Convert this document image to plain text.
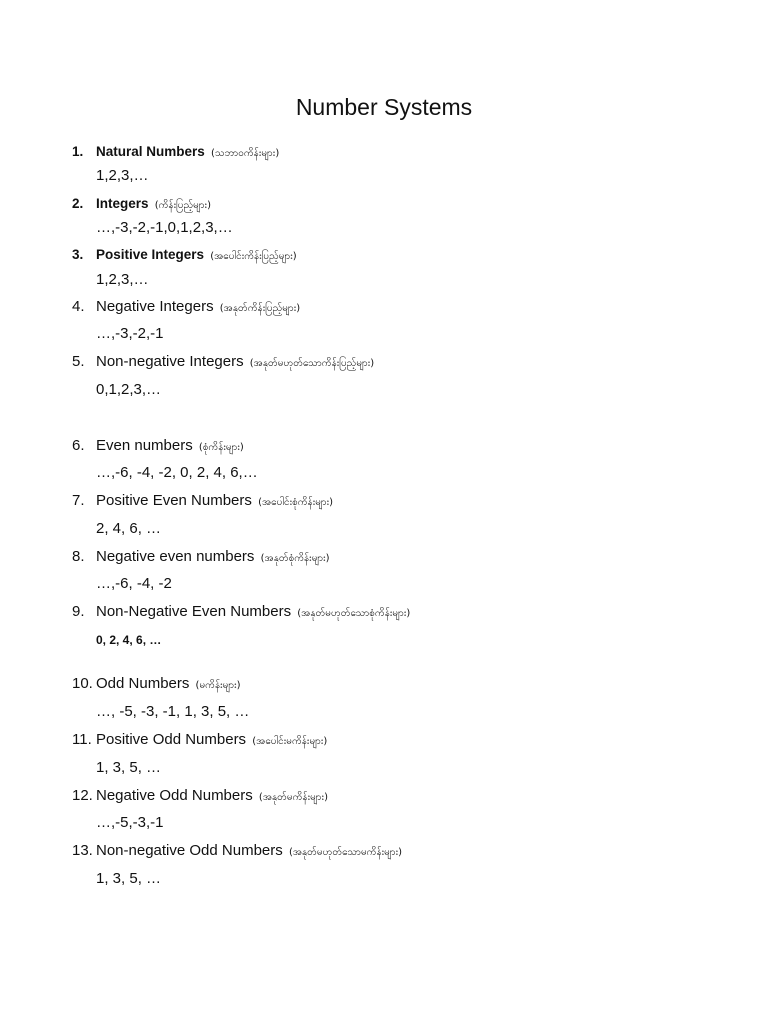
Number Systems
1. Natural Numbers (သဘာဝကိန်းများ)
1,2,3,…
2. Integers (ကိန်းပြည့်များ)
…,-3,-2,-1,0,1,2,3,…
3. Positive Integers (အပေါင်းကိန်းပြည့်များ)
1,2,3,…
4. Negative Integers (အနုတ်ကိန်းပြည့်များ)
…,-3,-2,-1
5. Non-negative Integers (အနုတ်မဟုတ်သောကိန်းပြည့်များ)
0,1,2,3,…
6. Even numbers (စုံကိန်းများ)
…,-6, -4, -2, 0, 2, 4, 6,…
7. Positive Even Numbers (အပေါင်းစုံကိန်းများ)
2, 4, 6, …
8. Negative even numbers (အနုတ်စုံကိန်းများ)
…,-6, -4, -2
9. Non-Negative Even Numbers (အနုတ်မဟုတ်သောစုံကိန်းများ)
0, 2, 4, 6, …
10. Odd Numbers (မကိန်းများ)
…, -5, -3, -1, 1, 3, 5, …
11. Positive Odd Numbers (အပေါင်းမကိန်းများ)
1, 3, 5, …
12. Negative Odd Numbers (အနုတ်မကိန်းများ)
…,-5,-3,-1
13. Non-negative Odd Numbers (အနုတ်မဟုတ်သောမကိန်းများ)
1, 3, 5, …
